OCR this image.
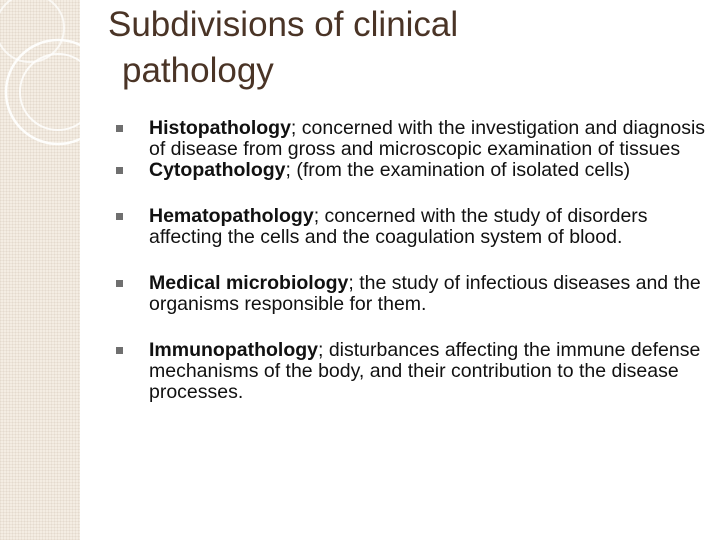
Subdivisions of clinical
pathology
Histopathology; concerned with the investigation and diagnosis of disease from gross and microscopic examination of tissues
Cytopathology; (from the examination of isolated cells)
Hematopathology; concerned with the study of disorders affecting the cells and the coagulation system of blood.
Medical microbiology; the study of infectious diseases and the organisms responsible for them.
Immunopathology; disturbances affecting the immune defense mechanisms of the body, and their contribution to the disease processes.
